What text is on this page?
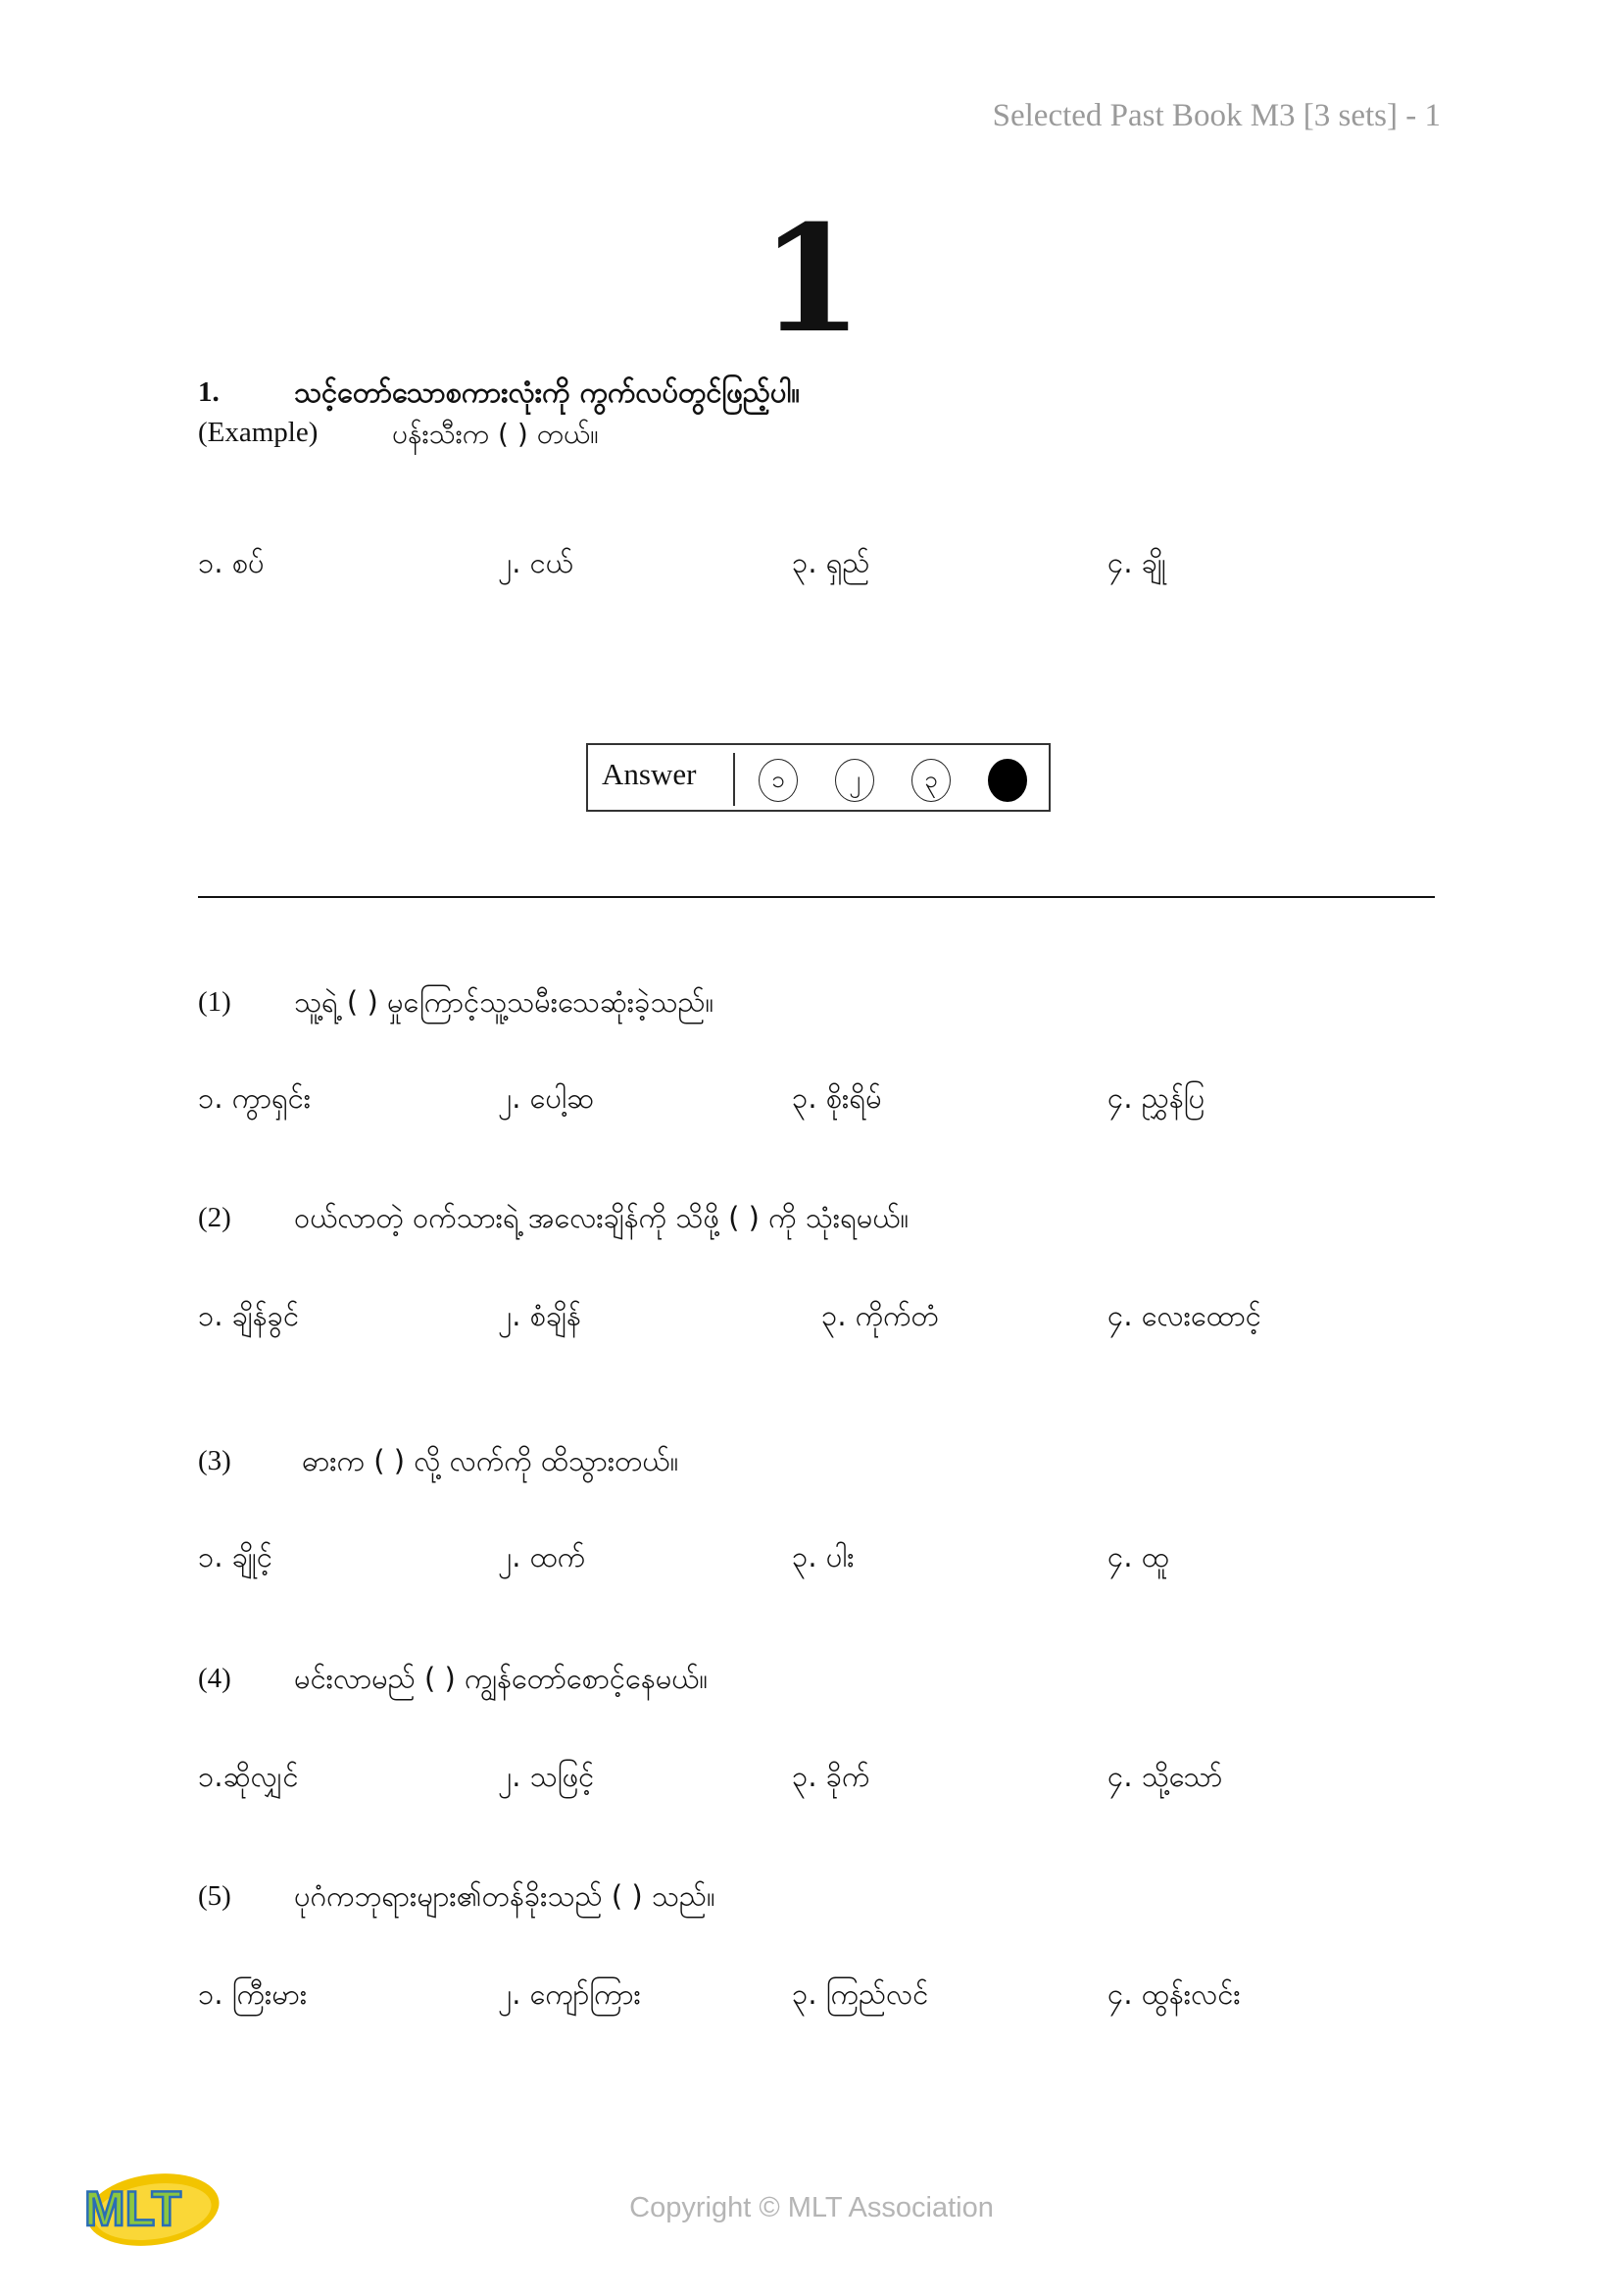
Selected Past Book M3 [3 sets] - 1
1
1.	သင့်တော်သောစကားလုံးကို ကွက်လပ်တွင်ဖြည့်ပါ။
(Example)	ပန်းသီးက ( ) တယ်။
၁. စပ်	၂. ငယ်	၃. ရှည်	၄. ချို
Answer	၁	၂	၃
(1) သူ့ရဲ့ ( ) မှုကြောင့်သူ့သမီးသေဆုံးခဲ့သည်။
၁. ကွာရှင်း	၂. ပေါ့ဆ	၃. စိုးရိမ်	၄. ညွှန်ပြ
(2) ဝယ်လာတဲ့ ဝက်သားရဲ့ အလေးချိန်ကို သိဖို့ ( ) ကို သုံးရမယ်။
၁. ချိန်ခွင်	၂. စံချိန်	၃. ကိုက်တံ	၄. လေးထောင့်
(3) ဓားက ( ) လို့ လက်ကို ထိသွားတယ်။
၁. ချိုင့်	၂. ထက်	၃. ပါး	၄. ထူ
(4) မင်းလာမည် ( ) ကျွန်တော်စောင့်နေမယ်။
၁.ဆိုလျှင်	၂. သဖြင့်	၃. ခိုက်	၄. သို့သော်
(5) ပုဂံကဘုရားများ၏တန်ခိုးသည် ( ) သည်။
၁. ကြီးမား	၂. ကျော်ကြား	၃. ကြည်လင်	၄. ထွန်းလင်း
MLT	Copyright © MLT Association
